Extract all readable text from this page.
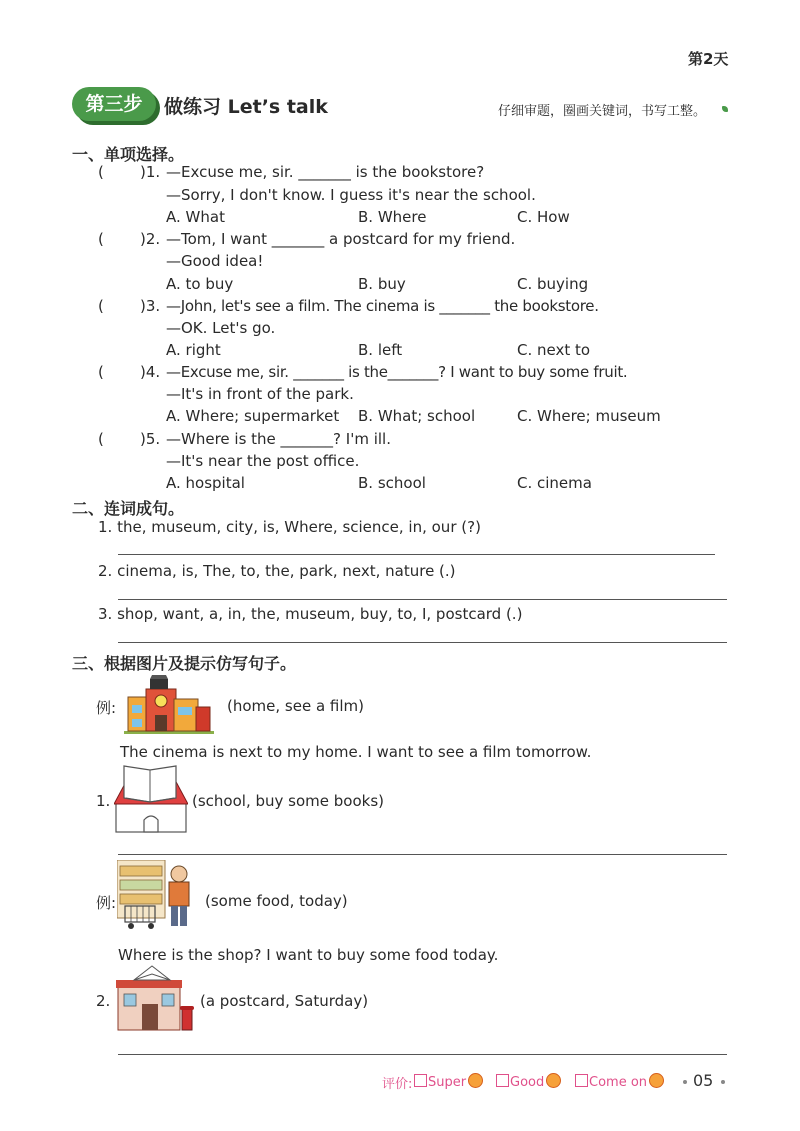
第2天
第三步	做练习 Let’s talk	仔细审题，圈画关键词，书写工整。
一、单项选择。
( )1. —Excuse me, sir. _______ is the bookstore?
—Sorry, I don't know. I guess it's near the school.
A. What	B. Where	C. How
( )2. —Tom, I want _______ a postcard for my friend.
—Good idea!
A. to buy	B. buy	C. buying
( )3. —John, let's see a film. The cinema is _______ the bookstore.
—OK. Let's go.
A. right	B. left	C. next to
( )4. —Excuse me, sir. _______ is the_______? I want to buy some fruit.
—It's in front of the park.
A. Where; supermarket B. What; school	C. Where; museum
( )5. —Where is the _______? I'm ill.
—It's near the post office.
A. hospital	B. school	C. cinema
二、连词成句。
1. the, museum, city, is, Where, science, in, our (?)
2. cinema, is, The, to, the, park, next, nature (.)
3. shop, want, a, in, the, museum, buy, to, I, postcard (.)
三、根据图片及提示仿写句子。
例:	(home, see a film)
The cinema is next to my home. I want to see a film tomorrow.
1.	(school, buy some books)
例:	(some food, today)
Where is the shop? I want to buy some food today.
2.	(a postcard, Saturday)
评价:	Super	Good	Come on	05
